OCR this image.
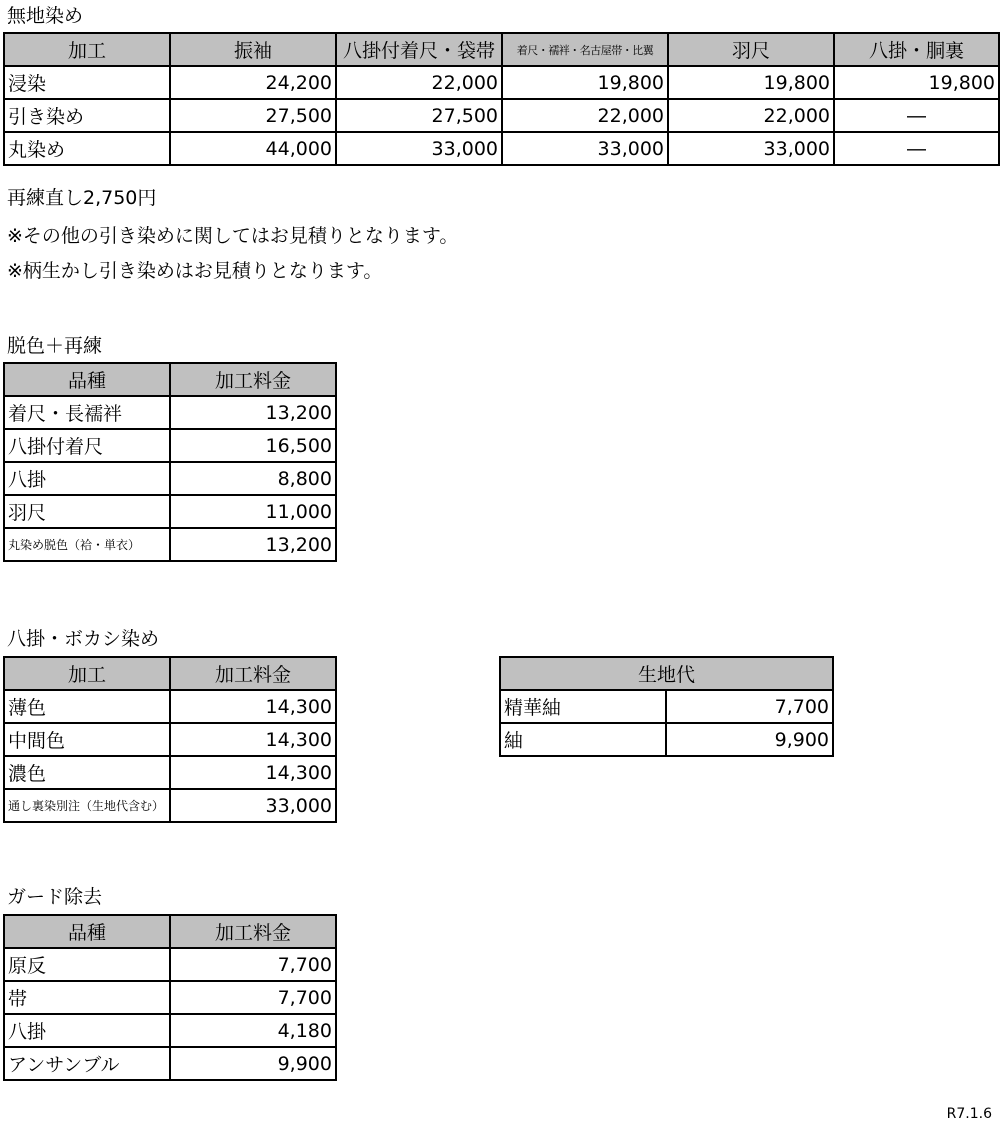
無地染め
加工	振袖	八掛付着尺・袋帯	着尺・襦袢・名古屋帯・比翼	羽尺	八掛・胴裏
浸染	24,200	22,000	19,800	19,800	19,800
引き染め	27,500	27,500	22,000	22,000	―
丸染め	44,000	33,000	33,000	33,000	―
再練直し2,750円
※その他の引き染めに関してはお見積りとなります。
※柄生かし引き染めはお見積りとなります。
脱色＋再練
品種	加工料金
着尺・長襦袢	13,200
八掛付着尺	16,500
八掛	8,800
羽尺	11,000
丸染め脱色（袷・単衣）	13,200
八掛・ボカシ染め
加工	加工料金
薄色	14,300
中間色	14,300
濃色	14,300
通し裏染別注（生地代含む）	33,000
生地代	
精華紬	7,700
紬	9,900
ガード除去
品種	加工料金
原反	7,700
帯	7,700
八掛	4,180
アンサンブル	9,900
R7.1.6
